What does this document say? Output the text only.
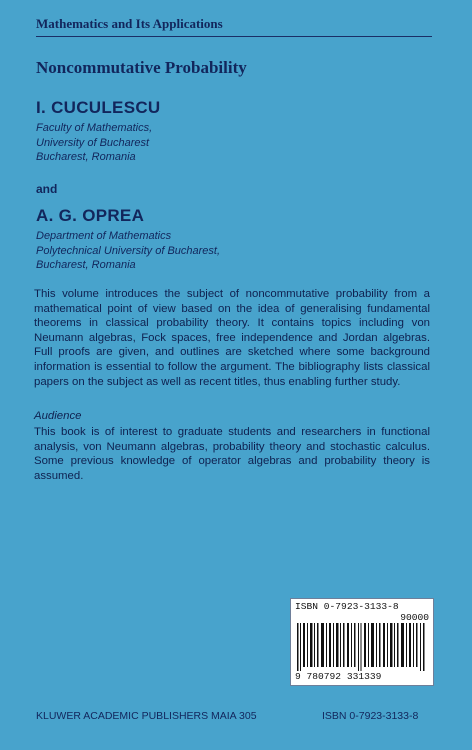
Mathematics and Its Applications
Noncommutative Probability
I. CUCULESCU
Faculty of Mathematics,
University of Bucharest
Bucharest, Romania
and
A. G. OPREA
Department of Mathematics
Polytechnical University of Bucharest,
Bucharest, Romania
This volume introduces the subject of noncommutative probability from a mathematical point of view based on the idea of generalising fundamental theorems in classical probability theory. It contains topics including von Neumann algebras, Fock spaces, free independence and Jordan algebras. Full proofs are given, and outlines are sketched where some background information is essential to follow the argument. The bibliography lists classical papers on the subject as well as recent titles, thus enabling further study.
Audience
This book is of interest to graduate students and researchers in functional analysis, von Neumann algebras, probability theory and stochastic calculus. Some previous knowledge of operator algebras and probability theory is assumed.
ISBN 0-7923-3133-8
90000
9 780792 331339
KLUWER ACADEMIC PUBLISHERS MAIA 305	ISBN 0-7923-3133-8
